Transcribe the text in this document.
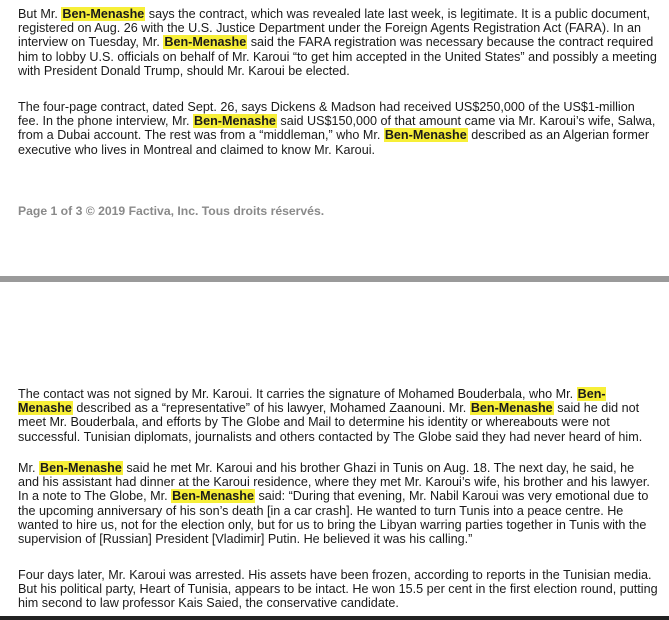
But Mr. Ben-Menashe says the contract, which was revealed late last week, is legitimate. It is a public document, registered on Aug. 26 with the U.S. Justice Department under the Foreign Agents Registration Act (FARA). In an interview on Tuesday, Mr. Ben-Menashe said the FARA registration was necessary because the contract required him to lobby U.S. officials on behalf of Mr. Karoui “to get him accepted in the United States” and possibly a meeting with President Donald Trump, should Mr. Karoui be elected.

The four-page contract, dated Sept. 26, says Dickens & Madson had received US$250,000 of the US$1-million fee. In the phone interview, Mr. Ben-Menashe said US$150,000 of that amount came via Mr. Karoui’s wife, Salwa, from a Dubai account. The rest was from a “middleman,” who Mr. Ben-Menashe described as an Algerian former executive who lives in Montreal and claimed to know Mr. Karoui.

Page 1 of 3 © 2019 Factiva, Inc. Tous droits réservés.

The contact was not signed by Mr. Karoui. It carries the signature of Mohamed Bouderbala, who Mr. Ben-Menashe described as a “representative” of his lawyer, Mohamed Zaanouni. Mr. Ben-Menashe said he did not meet Mr. Bouderbala, and efforts by The Globe and Mail to determine his identity or whereabouts were not successful. Tunisian diplomats, journalists and others contacted by The Globe said they had never heard of him.

Mr. Ben-Menashe said he met Mr. Karoui and his brother Ghazi in Tunis on Aug. 18. The next day, he said, he and his assistant had dinner at the Karoui residence, where they met Mr. Karoui’s wife, his brother and his lawyer. In a note to The Globe, Mr. Ben-Menashe said: “During that evening, Mr. Nabil Karoui was very emotional due to the upcoming anniversary of his son’s death [in a car crash]. He wanted to turn Tunis into a peace centre. He wanted to hire us, not for the election only, but for us to bring the Libyan warring parties together in Tunis with the supervision of [Russian] President [Vladimir] Putin. He believed it was his calling.”

Four days later, Mr. Karoui was arrested. His assets have been frozen, according to reports in the Tunisian media. But his political party, Heart of Tunisia, appears to be intact. He won 15.5 per cent in the first election round, putting him second to law professor Kais Saied, the conservative candidate.
